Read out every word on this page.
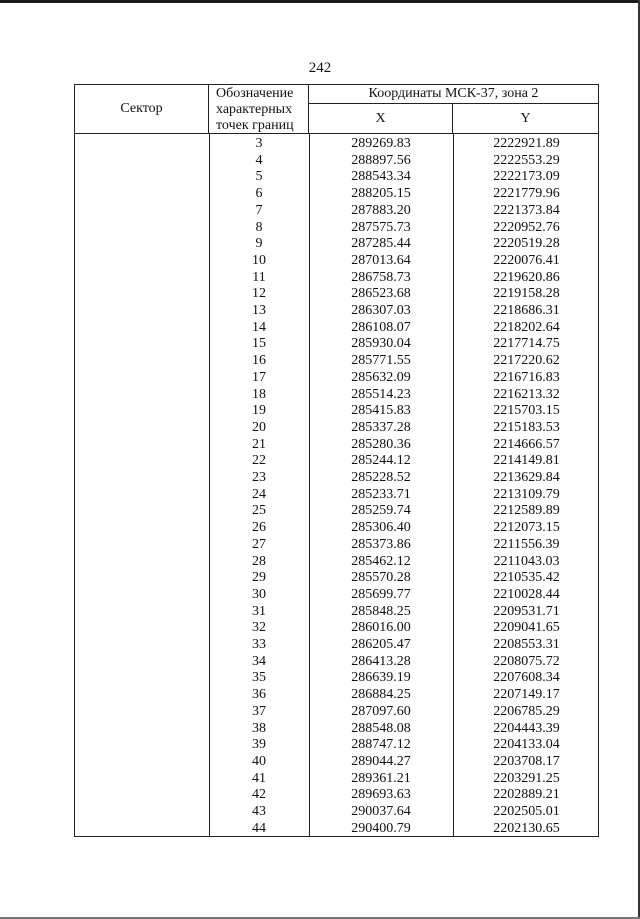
242
Сектор
Обозначение
характерных
точек границ
Координаты МСК-37, зона 2
X	Y
3	289269.83	2222921.89
4	288897.56	2222553.29
5	288543.34	2222173.09
6	288205.15	2221779.96
7	287883.20	2221373.84
8	287575.73	2220952.76
9	287285.44	2220519.28
10	287013.64	2220076.41
11	286758.73	2219620.86
12	286523.68	2219158.28
13	286307.03	2218686.31
14	286108.07	2218202.64
15	285930.04	2217714.75
16	285771.55	2217220.62
17	285632.09	2216716.83
18	285514.23	2216213.32
19	285415.83	2215703.15
20	285337.28	2215183.53
21	285280.36	2214666.57
22	285244.12	2214149.81
23	285228.52	2213629.84
24	285233.71	2213109.79
25	285259.74	2212589.89
26	285306.40	2212073.15
27	285373.86	2211556.39
28	285462.12	2211043.03
29	285570.28	2210535.42
30	285699.77	2210028.44
31	285848.25	2209531.71
32	286016.00	2209041.65
33	286205.47	2208553.31
34	286413.28	2208075.72
35	286639.19	2207608.34
36	286884.25	2207149.17
37	287097.60	2206785.29
38	288548.08	2204443.39
39	288747.12	2204133.04
40	289044.27	2203708.17
41	289361.21	2203291.25
42	289693.63	2202889.21
43	290037.64	2202505.01
44	290400.79	2202130.65
